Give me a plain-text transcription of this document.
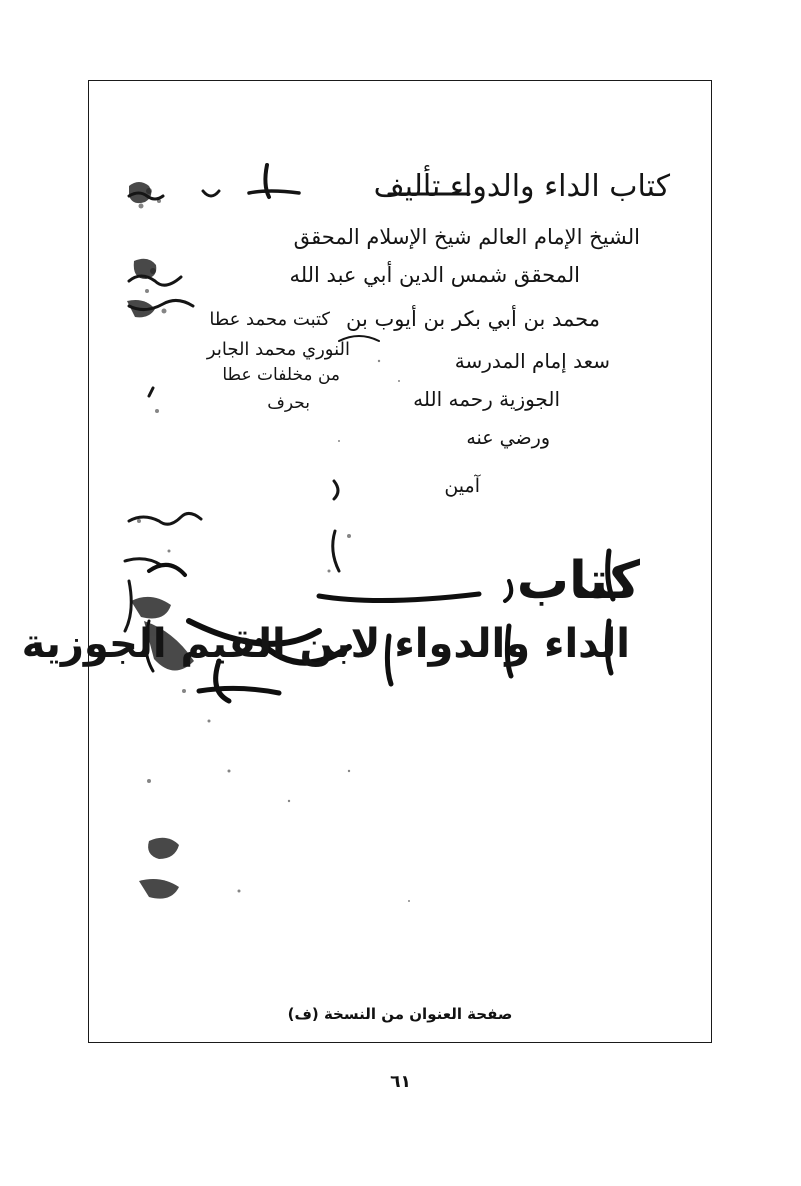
كتاب الداء والدواء تأليف
الشيخ الإمام العالم شيخ الإسلام المحقق
المحقق شمس الدين أبي عبد الله
محمد بن أبي بكر بن أيوب بن
سعد إمام المدرسة
الجوزية رحمه الله
ورضي عنه
آمين
كتبت محمد عطا
النوري محمد الجابر
من مخلفات عطا
بحرف
كتاب
الداء والدواء لابن القيم الجوزية
صفحة العنوان من النسخة (ف)
٦١
